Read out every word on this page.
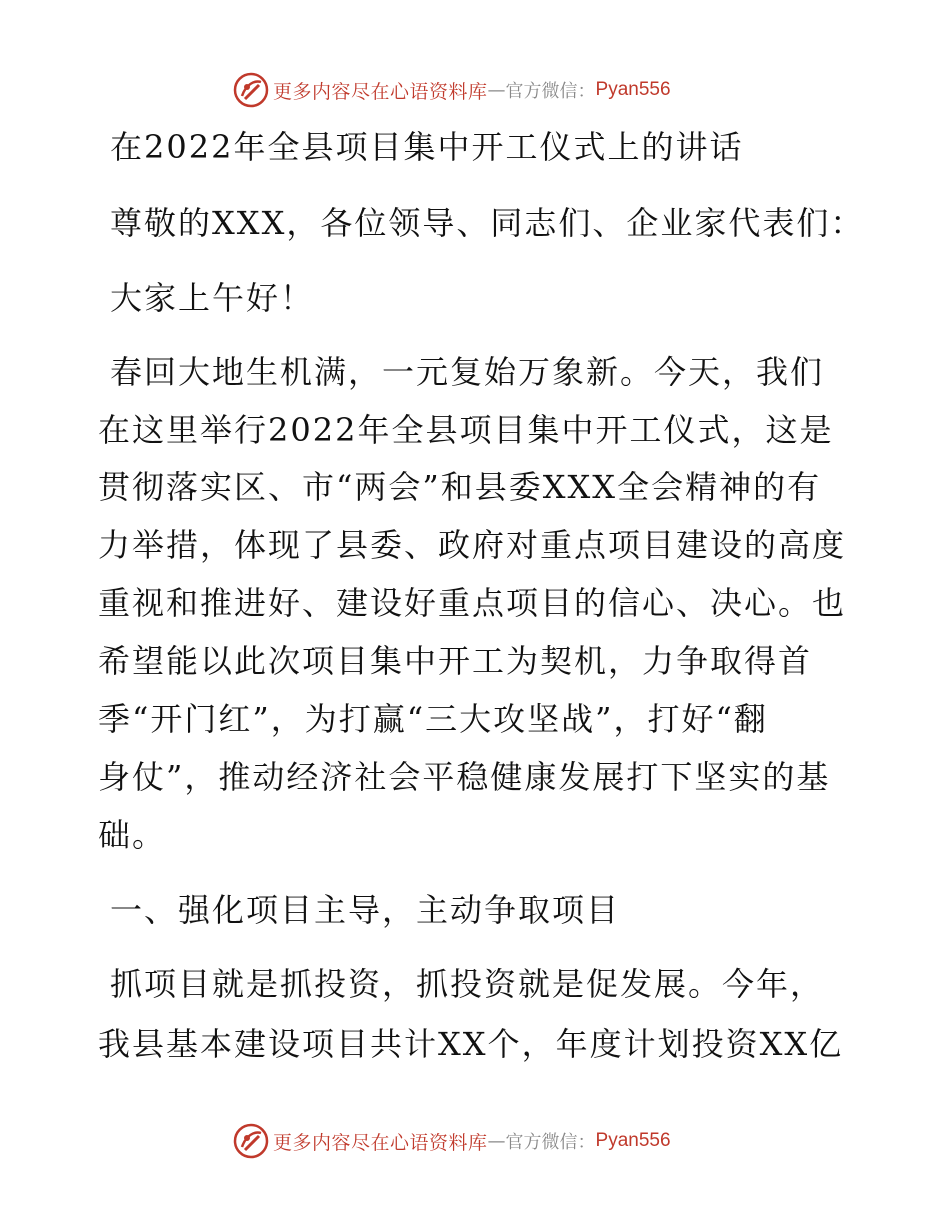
更多内容尽在心语资料库 — 官方微信： Pyan556
在2022年全县项目集中开工仪式上的讲话
尊敬的XXX，各位领导、同志们、企业家代表们：
大家上午好！
春回大地生机满，一元复始万象新。今天，我们
在这里举行2022年全县项目集中开工仪式，这是
贯彻落实区、市“两会”和县委XXX全会精神的有
力举措，体现了县委、政府对重点项目建设的高度
重视和推进好、建设好重点项目的信心、决心。也
希望能以此次项目集中开工为契机，力争取得首
季“开门红”，为打赢“三大攻坚战”，打好“翻
身仗”，推动经济社会平稳健康发展打下坚实的基
础。
一、强化项目主导，主动争取项目
抓项目就是抓投资，抓投资就是促发展。今年，
我县基本建设项目共计XX个，年度计划投资XX亿
更多内容尽在心语资料库 — 官方微信： Pyan556
